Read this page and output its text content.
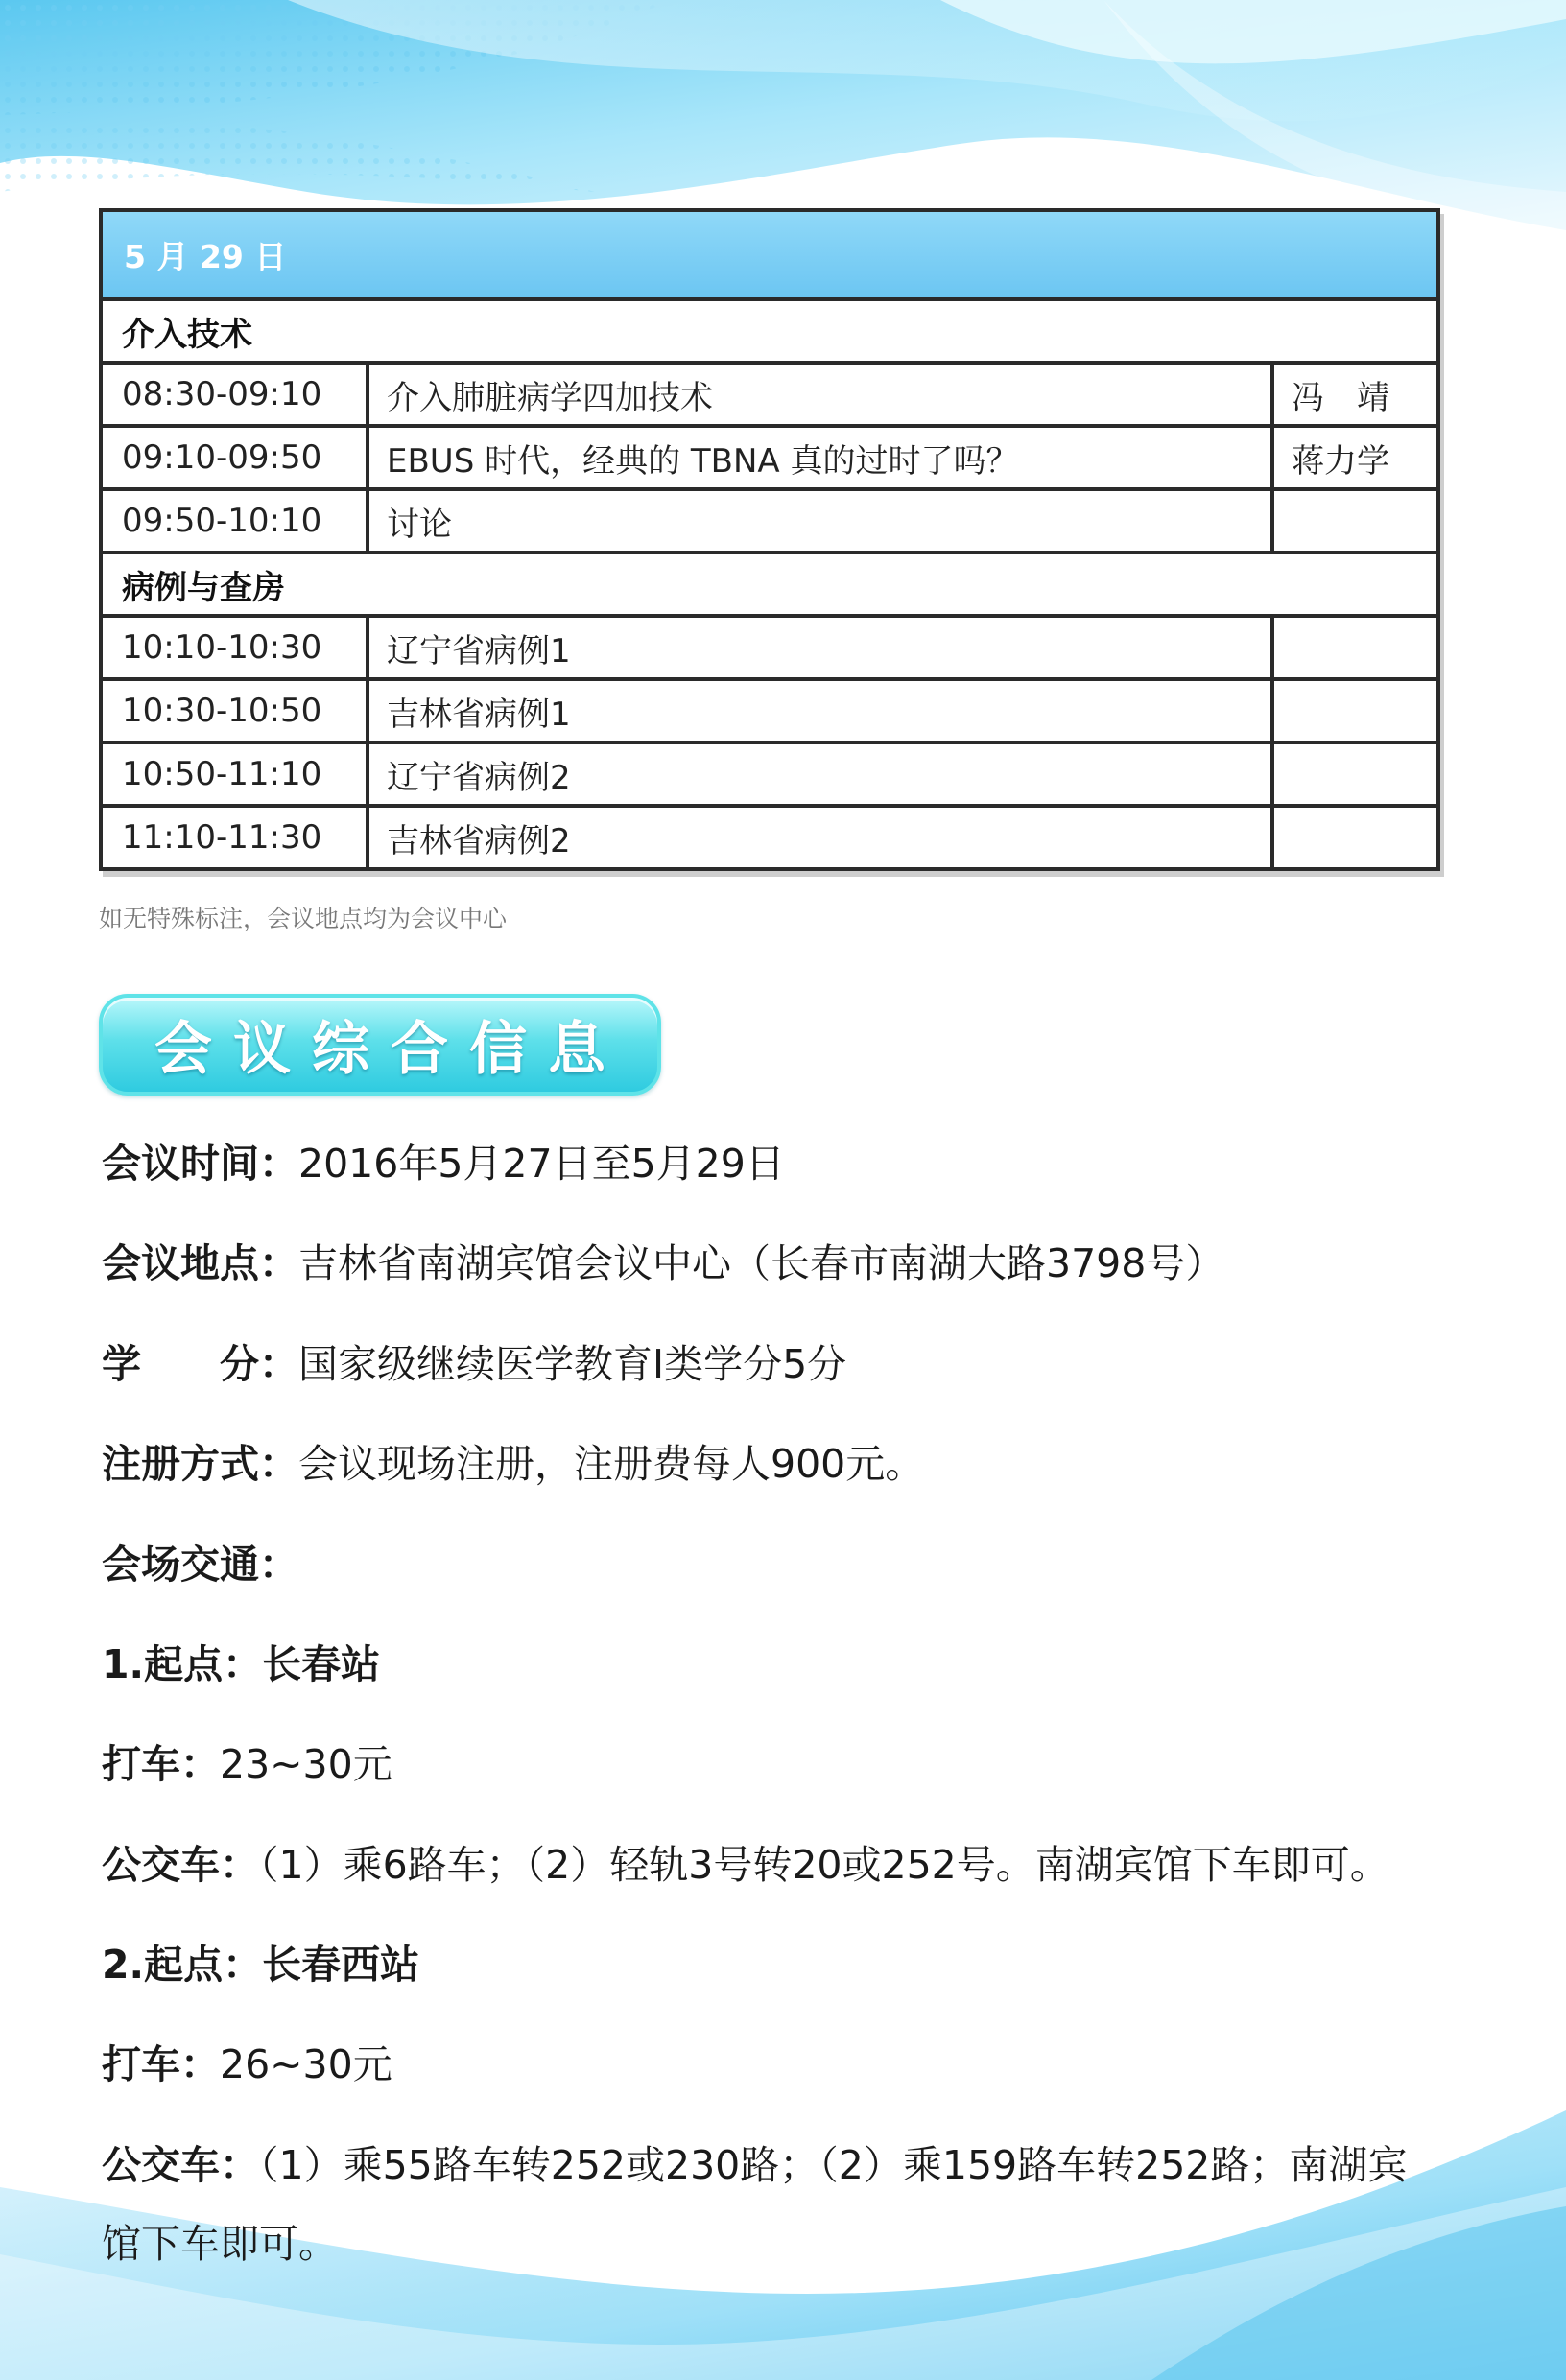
5 月 29 日
介入技术
08:30-09:10	介入肺脏病学四加技术	冯　靖
09:10-09:50	EBUS 时代，经典的 TBNA 真的过时了吗？	蒋力学
09:50-10:10	讨论
病例与查房
10:10-10:30	辽宁省病例1
10:30-10:50	吉林省病例1
10:50-11:10	辽宁省病例2
11:10-11:30	吉林省病例2
如无特殊标注，会议地点均为会议中心
会议综合信息
会议时间：2016年5月27日至5月29日
会议地点：吉林省南湖宾馆会议中心（长春市南湖大路3798号）
学　　分：国家级继续医学教育I类学分5分
注册方式：会议现场注册，注册费每人900元。
会场交通：
1.起点：长春站
打车：23~30元
公交车：（1）乘6路车；（2）轻轨3号转20或252号。南湖宾馆下车即可。
2.起点：长春西站
打车：26~30元
公交车：（1）乘55路车转252或230路；（2）乘159路车转252路；南湖宾
馆下车即可。
